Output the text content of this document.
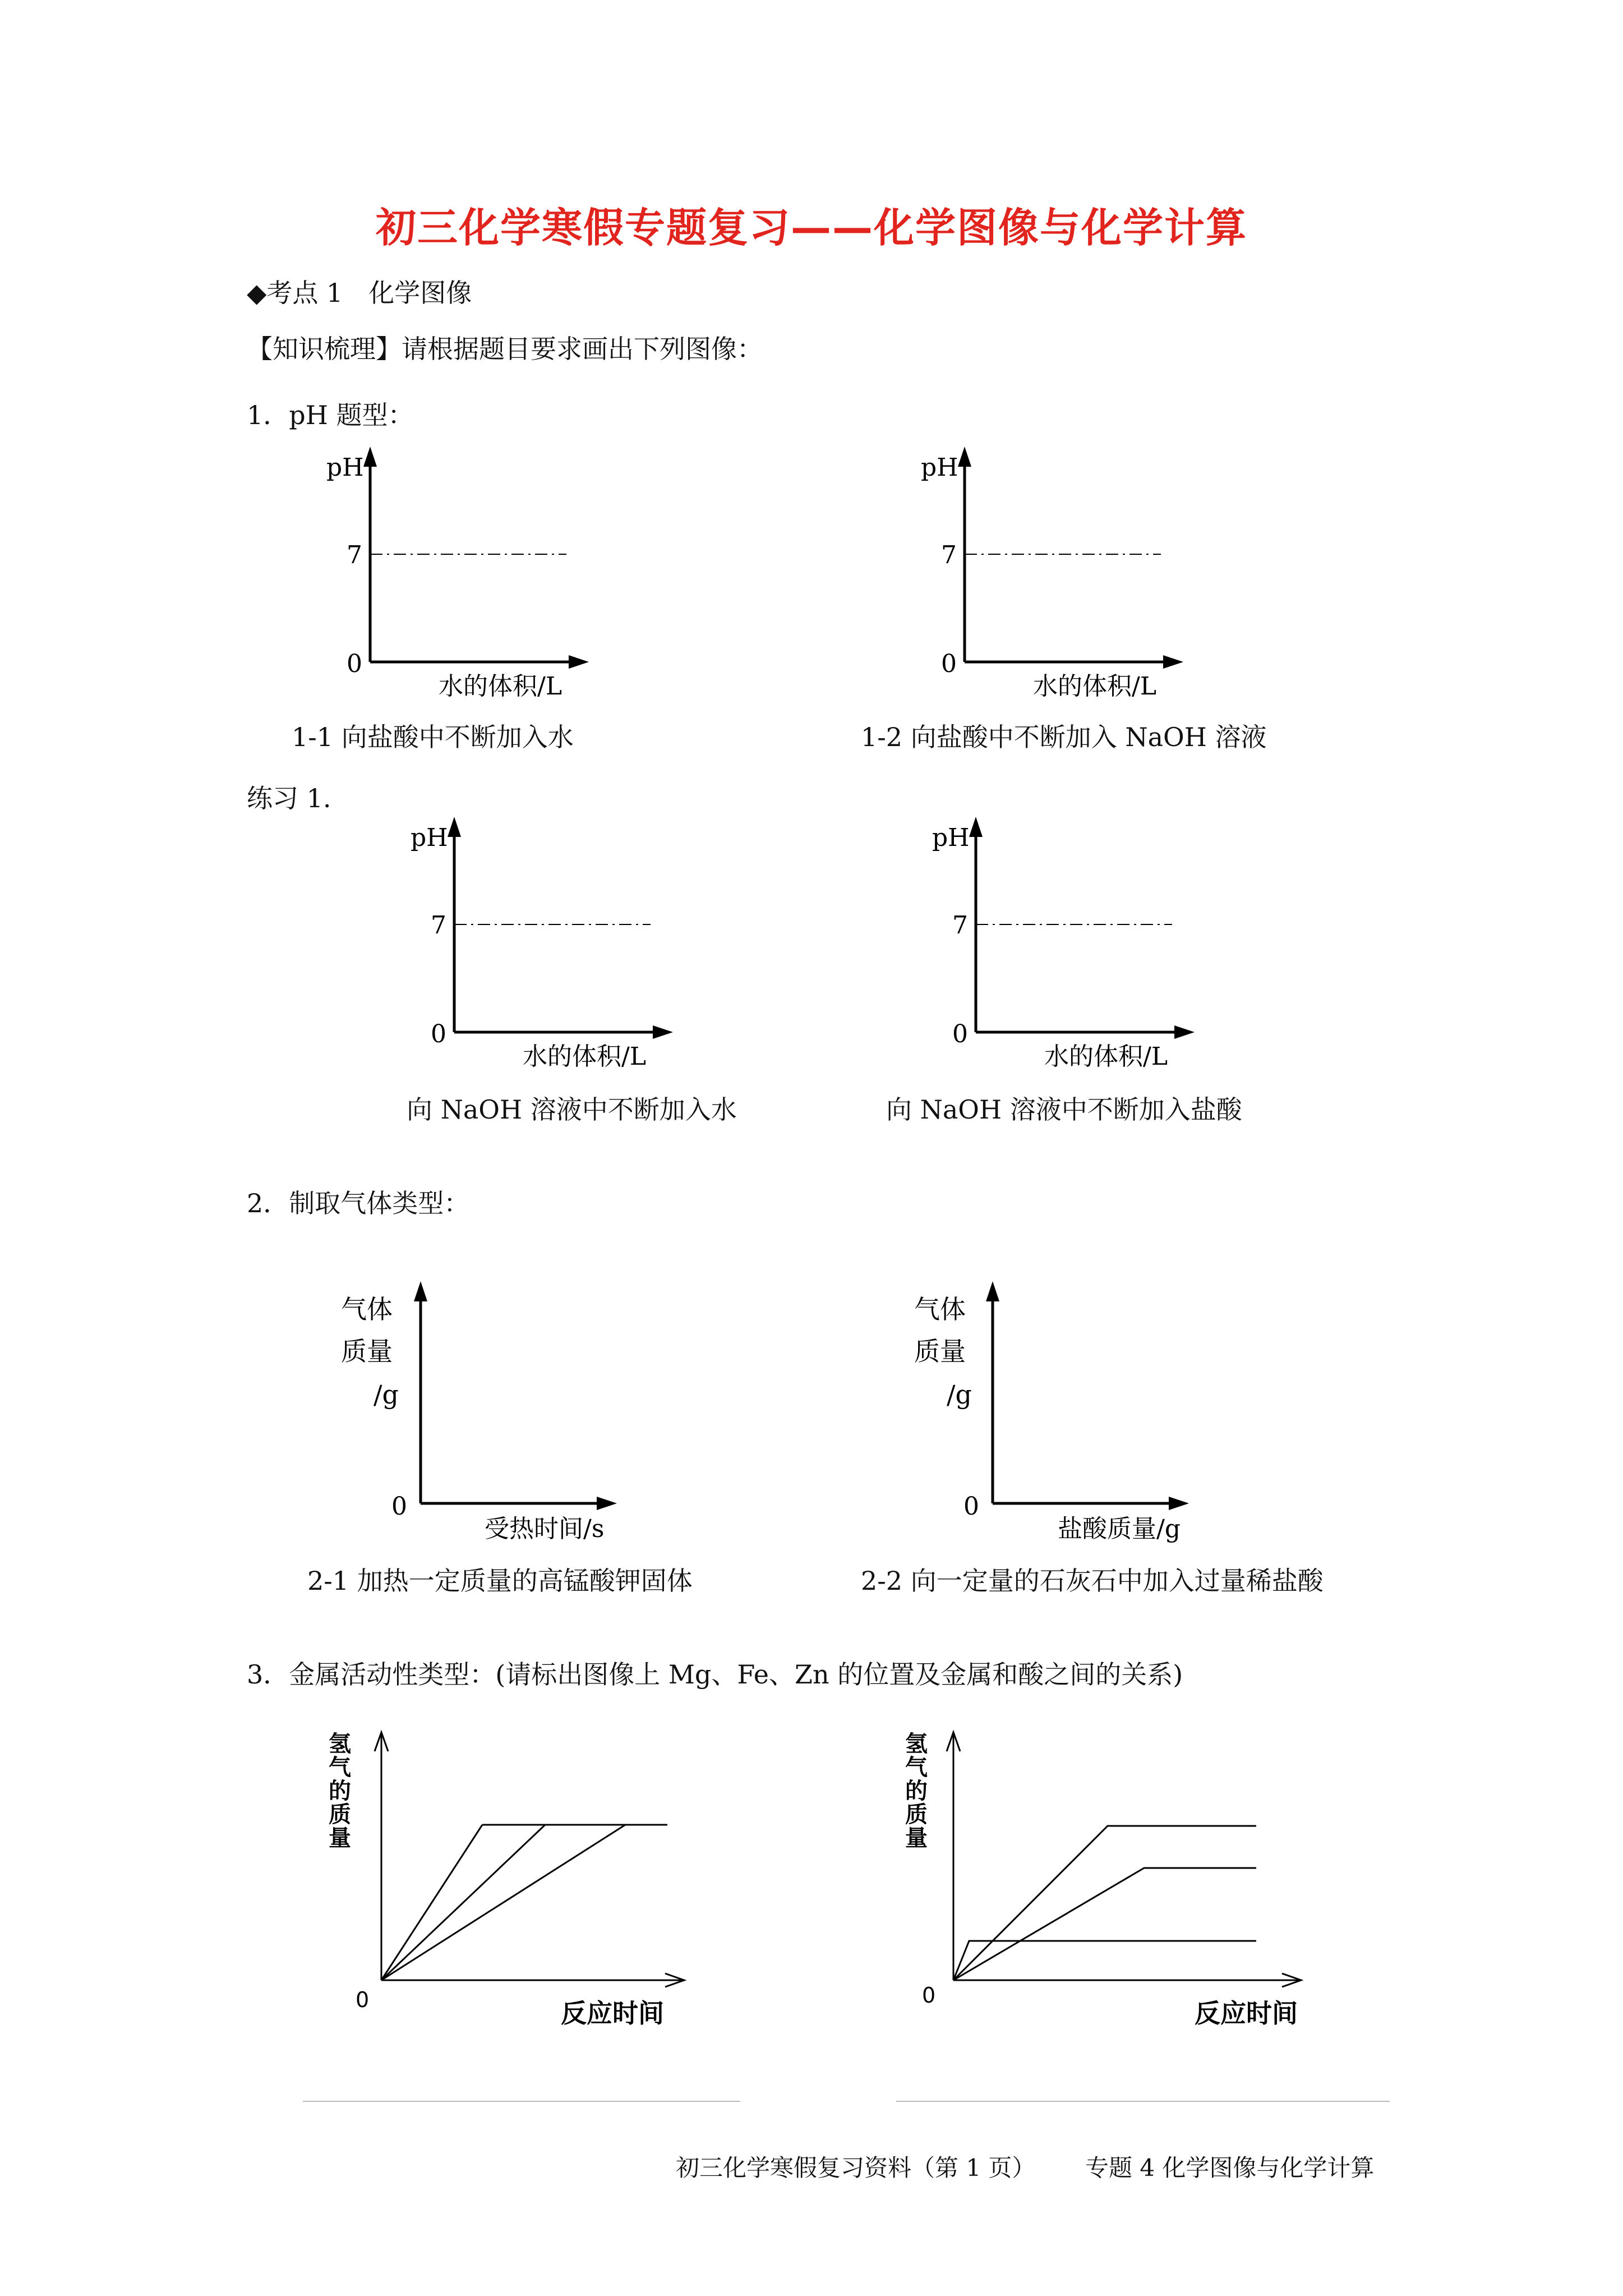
初三化学寒假专题复习——化学图像与化学计算
◆考点 1　化学图像
【知识梳理】请根据题目要求画出下列图像：
1．pH 题型：
练习 1.
2．制取气体类型：
3．金属活动性类型：(请标出图像上 Mg、Fe、Zn 的位置及金属和酸之间的关系)
pH
7
0
水的体积/L
1-1 向盐酸中不断加入水
pH
7
0
水的体积/L
1-2 向盐酸中不断加入 NaOH 溶液
pH
7
0
水的体积/L
向 NaOH 溶液中不断加入水
pH
7
0
水的体积/L
向 NaOH 溶液中不断加入盐酸
气体
质量
/g
0
受热时间/s
2-1 加热一定质量的高锰酸钾固体
气体
质量
/g
0
盐酸质量/g
2-2 向一定量的石灰石中加入过量稀盐酸
氢
气
的
质
量
0	反应时间
氢
气
的
质
量
0
反应时间
初三化学寒假复习资料（第 1 页） 专题 4 化学图像与化学计算
